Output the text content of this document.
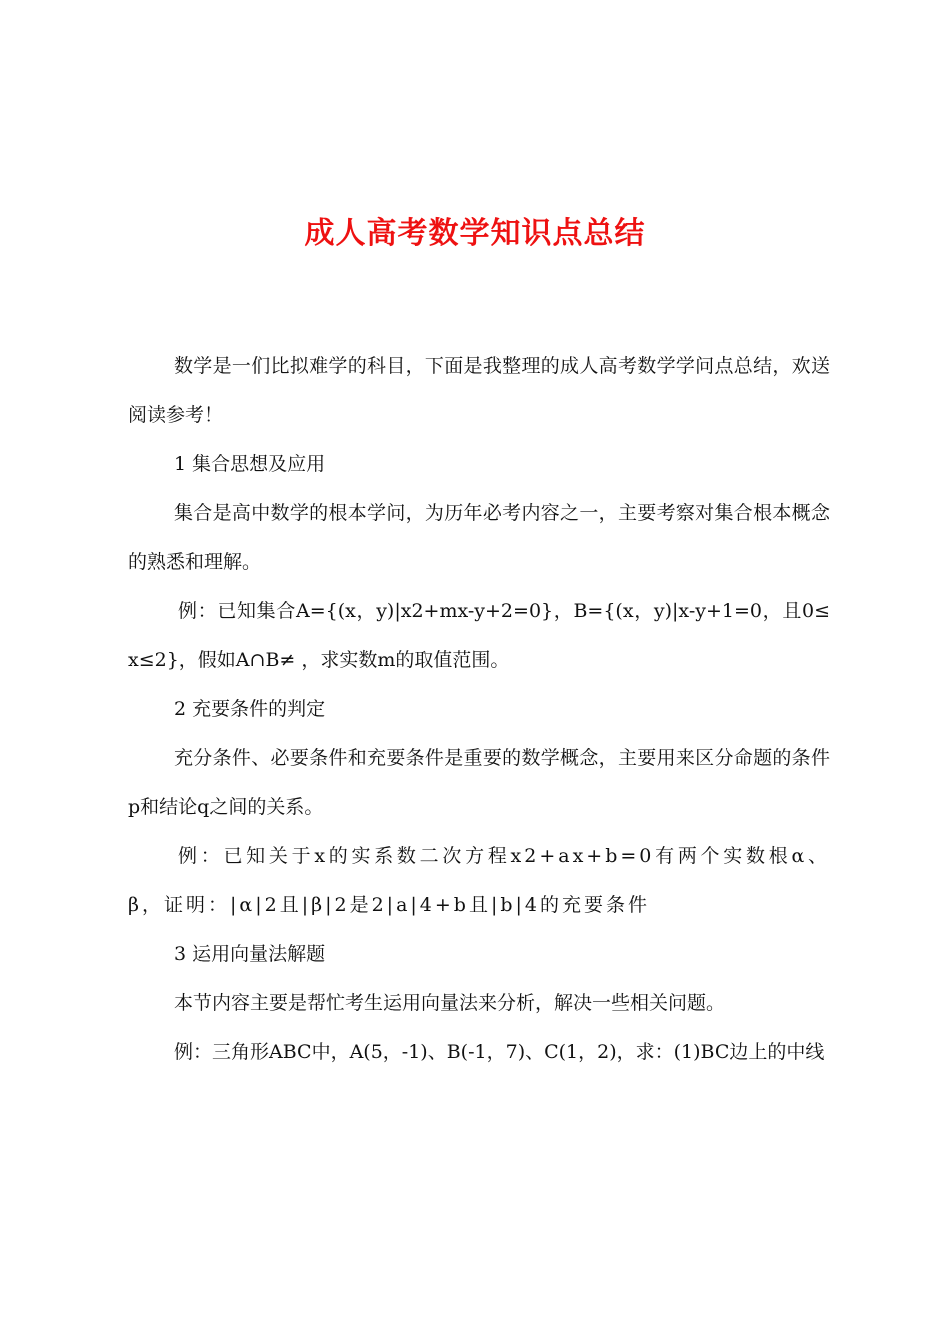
成人高考数学知识点总结

数学是一们比拟难学的科目，下面是我整理的成人高考数学学问点总结，欢送阅读参考！

1 集合思想及应用

集合是高中数学的根本学问，为历年必考内容之一，主要考察对集合根本概念的熟悉和理解。

例：已知集合A={(x，y)|x2+mx-y+2=0}，B={(x，y)|x-y+1=0，且0≤x≤2}，假如A∩B≠ ，求实数m的取值范围。

2 充要条件的判定

充分条件、必要条件和充要条件是重要的数学概念，主要用来区分命题的条件p和结论q之间的关系。

例：已知关于x的实系数二次方程x2+ax+b=0有两个实数根α、β，证明：|α|2且|β|2是2|a|4+b且|b|4的充要条件

3 运用向量法解题

本节内容主要是帮忙考生运用向量法来分析，解决一些相关问题。

例：三角形ABC中，A(5，-1)、B(-1，7)、C(1，2)，求：(1)BC边上的中线
